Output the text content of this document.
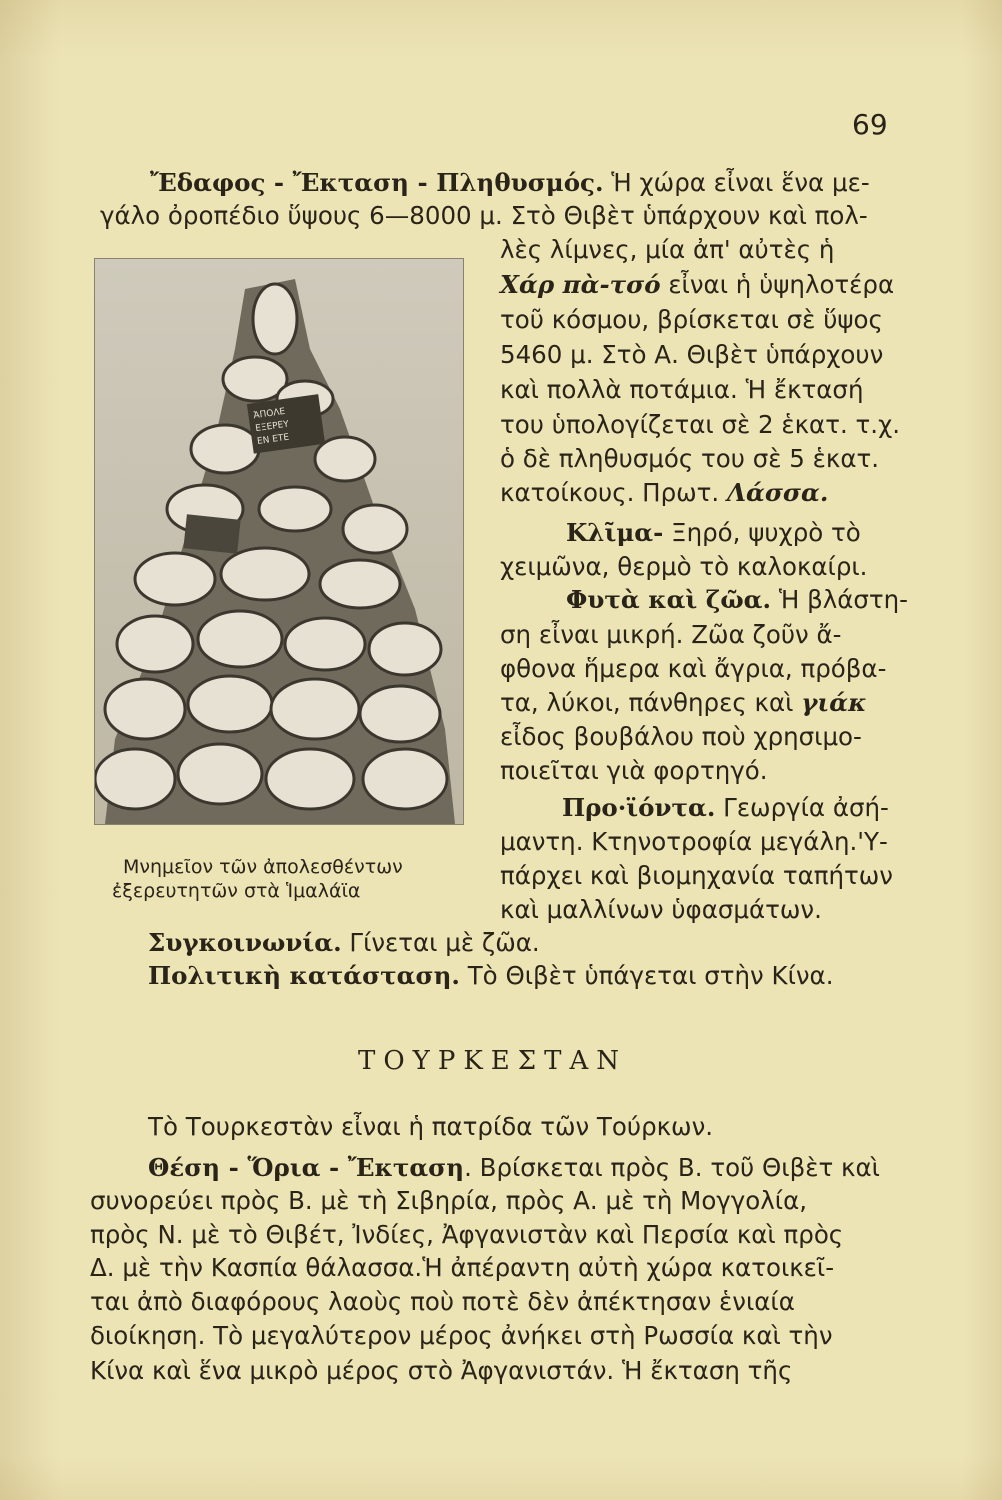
69
Ἔδαφος - Ἔκταση - Πληθυσμός. Ἡ χώρα εἶναι ἕνα με-
γάλο ὀροπέδιο ὕψους 6—8000 μ. Στὸ Θιβὲτ ὑπάρχουν καὶ πολ-
λὲς λίμνες, μία ἀπ' αὐτὲς ἡ
Χάρ πὰ-τσό εἶναι ἡ ὑψηλοτέρα
τοῦ κόσμου, βρίσκεται σὲ ὕψος
5460 μ. Στὸ Α. Θιβὲτ ὑπάρχουν
καὶ πολλὰ ποτάμια. Ἡ ἔκτασή
του ὑπολογίζεται σὲ 2 ἑκατ. τ.χ.
ὁ δὲ πληθυσμός του σὲ 5 ἑκατ.
κατοίκους. Πρωτ. Λάσσα.
Κλῖμα- Ξηρό, ψυχρὸ τὸ
χειμῶνα, θερμὸ τὸ καλοκαίρι.
Φυτὰ καὶ ζῶα. Ἡ βλάστη-
ση εἶναι μικρή. Ζῶα ζοῦν ἄ-
φθονα ἥμερα καὶ ἄγρια, πρόβα-
τα, λύκοι, πάνθηρες καὶ γιάκ
εἶδος βουβάλου ποὺ χρησιμο-
ποιεῖται γιὰ φορτηγό.
Προ·ϊόντα. Γεωργία ἀσή-
μαντη. Κτηνοτροφία μεγάλη.'Υ-
πάρχει καὶ βιομηχανία ταπήτων
καὶ μαλλίνων ὑφασμάτων.
ἈΠΟΛΕ
ΕΞΕΡΕΥ
ΕΝ ΕΤΕ
Μνημεῖον τῶν ἀπολεσθέντων
ἐξερευτητῶν στὰ Ἱμαλάϊα
Συγκοινωνία. Γίνεται μὲ ζῶα.
Πολιτικὴ κατάσταση. Τὸ Θιβὲτ ὑπάγεται στὴν Κίνα.
ΤΟΥΡΚΕΣΤΑΝ
Τὸ Τουρκεστὰν εἶναι ἡ πατρίδα τῶν Τούρκων.
Θέση - Ὅρια - Ἔκταση. Βρίσκεται πρὸς Β. τοῦ Θιβὲτ καὶ
συνορεύει πρὸς Β. μὲ τὴ Σιβηρία, πρὸς Α. μὲ τὴ Μογγολία,
πρὸς Ν. μὲ τὸ Θιβέτ, Ἰνδίες, Ἀφγανιστὰν καὶ Περσία καὶ πρὸς
Δ. μὲ τὴν Κασπία θάλασσα.Ἡ ἀπέραντη αὐτὴ χώρα κατοικεῖ-
ται ἀπὸ διαφόρους λαοὺς ποὺ ποτὲ δὲν ἀπέκτησαν ἑνιαία
διοίκηση. Τὸ μεγαλύτερον μέρος ἀνήκει στὴ Ρωσσία καὶ τὴν
Κίνα καὶ ἕνα μικρὸ μέρος στὸ Ἀφγανιστάν. Ἡ ἔκταση τῆς
